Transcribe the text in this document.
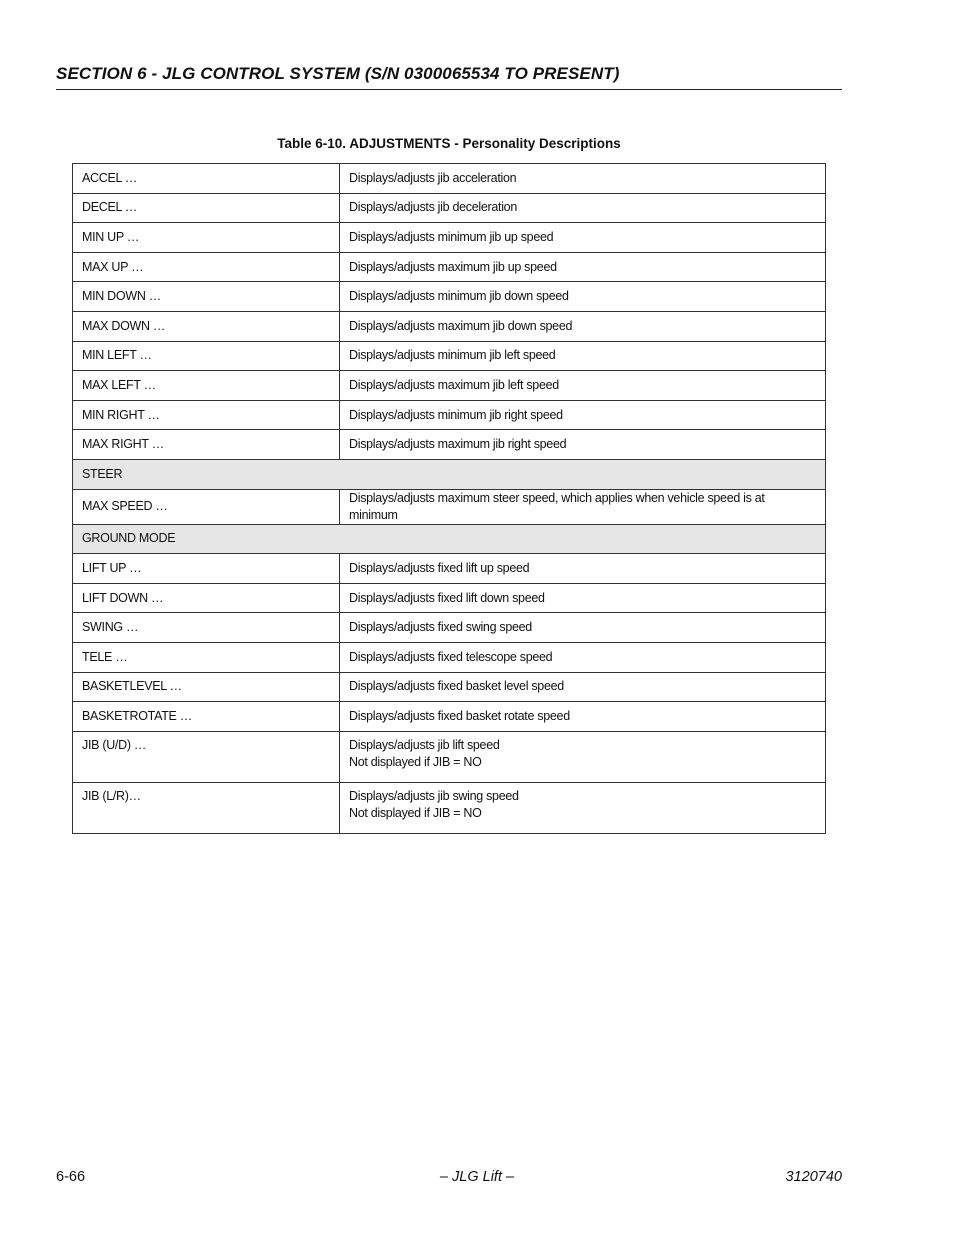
SECTION 6 - JLG CONTROL SYSTEM (S/N 0300065534 TO PRESENT)
Table 6-10. ADJUSTMENTS - Personality Descriptions
ACCEL …	Displays/adjusts jib acceleration

DECEL …	Displays/adjusts jib deceleration

MIN UP …	Displays/adjusts minimum jib up speed

MAX UP …	Displays/adjusts maximum jib up speed

MIN DOWN …	Displays/adjusts minimum jib down speed

MAX DOWN …	Displays/adjusts maximum jib down speed

MIN LEFT …	Displays/adjusts minimum jib left speed

MAX LEFT …	Displays/adjusts maximum jib left speed

MIN RIGHT …	Displays/adjusts minimum jib right speed

MAX RIGHT …	Displays/adjusts maximum jib right speed

STEER	
MAX SPEED …	Displays/adjusts maximum steer speed, which applies when vehicle speed is at minimum

GROUND MODE	
LIFT UP …	Displays/adjusts fixed lift up speed

LIFT DOWN …	Displays/adjusts fixed lift down speed

SWING …	Displays/adjusts fixed swing speed

TELE …	Displays/adjusts fixed telescope speed

BASKETLEVEL …	Displays/adjusts fixed basket level speed

BASKETROTATE …	Displays/adjusts fixed basket rotate speed

JIB (U/D) …	Displays/adjusts jib lift speed
Not displayed if JIB = NO

JIB (L/R)…	Displays/adjusts jib swing speed
Not displayed if JIB = NO
6-66	– JLG Lift –	3120740
